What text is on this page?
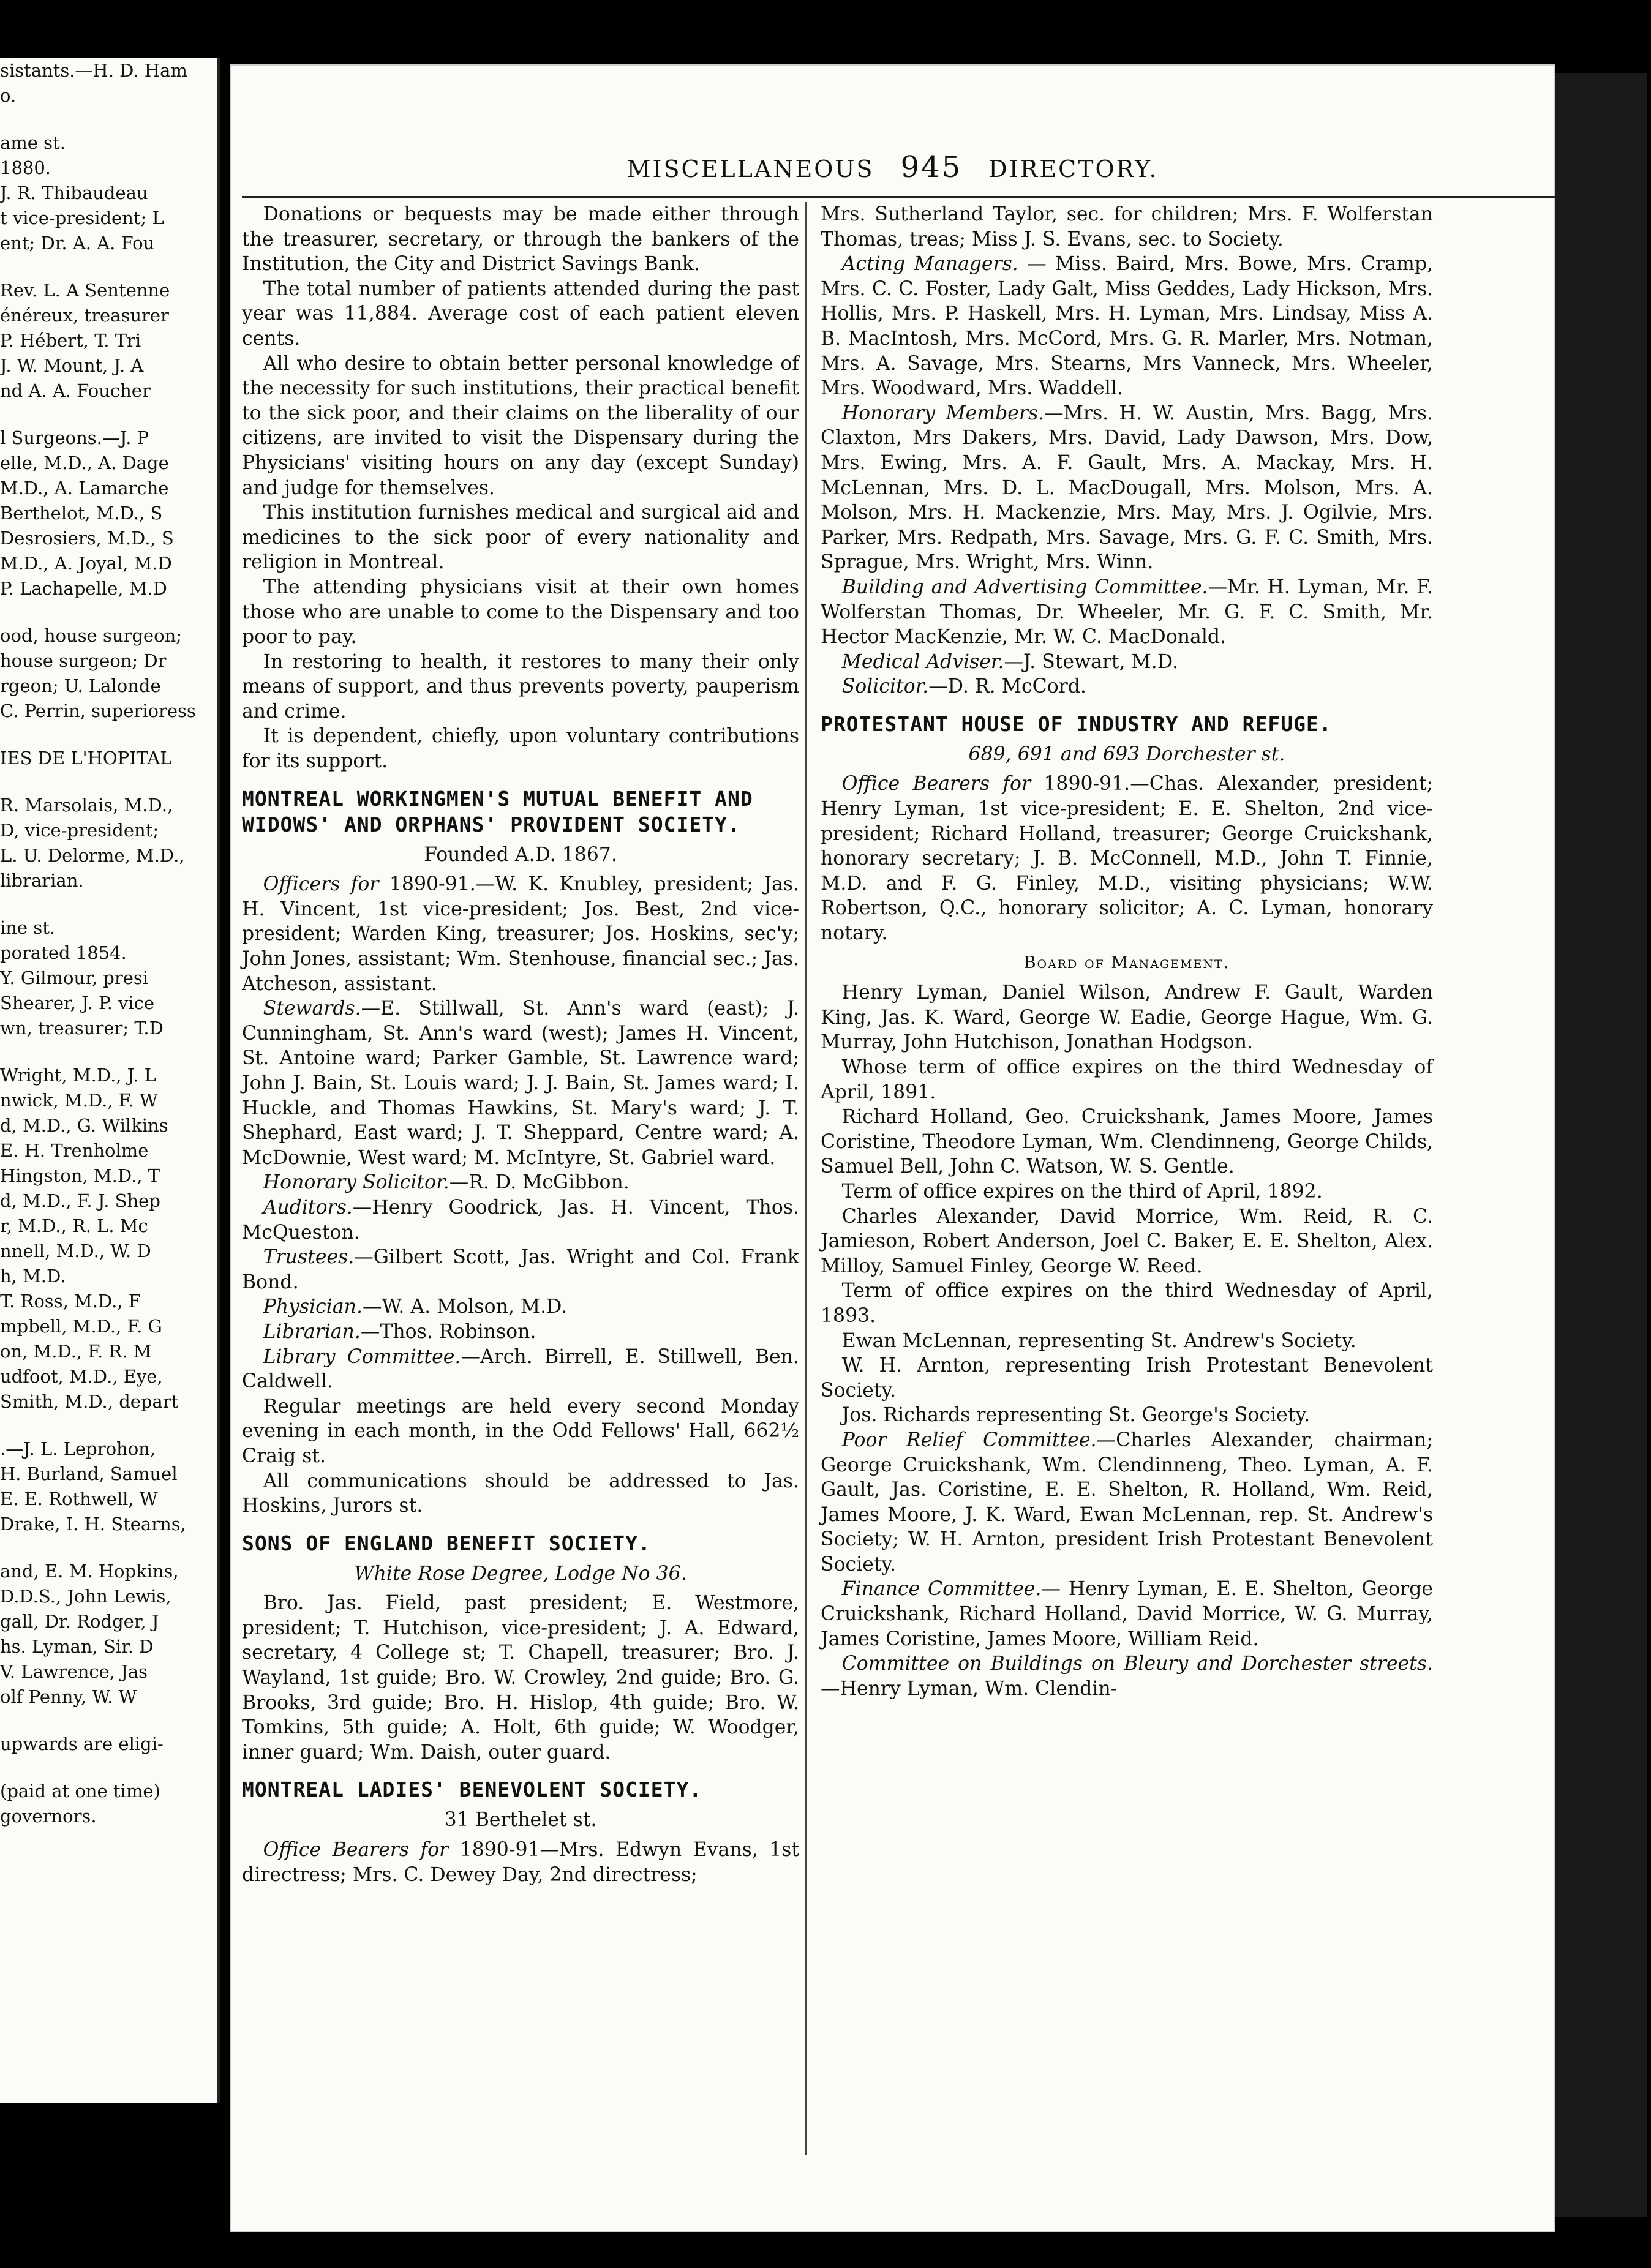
sistants.—H. D. Ham
o.
ame st.
1880.
J. R. Thibaudeau
t vice-president; L
ent; Dr. A. A. Fou
Rev. L. A Sentenne
énéreux, treasurer
P. Hébert, T. Tri
J. W. Mount, J. A
nd A. A. Foucher
l Surgeons.—J. P
elle, M.D., A. Dage
M.D., A. Lamarche
Berthelot, M.D., S
Desrosiers, M.D., S
M.D., A. Joyal, M.D
P. Lachapelle, M.D
ood, house surgeon;
house surgeon; Dr
rgeon; U. Lalonde
C. Perrin, superioress
IES DE L'HOPITAL
R. Marsolais, M.D.,
D, vice-president;
L. U. Delorme, M.D.,
librarian.
ine st.
porated 1854.
Y. Gilmour, presi
Shearer, J. P. vice
wn, treasurer; T.D
Wright, M.D., J. L
nwick, M.D., F. W
d, M.D., G. Wilkins
E. H. Trenholme
Hingston, M.D., T
d, M.D., F. J. Shep
r, M.D., R. L. Mc
nnell, M.D., W. D
h, M.D.
T. Ross, M.D., F
mpbell, M.D., F. G
on, M.D., F. R. M
udfoot, M.D., Eye,
Smith, M.D., depart
.—J. L. Leprohon,
H. Burland, Samuel
E. E. Rothwell, W
Drake, I. H. Stearns,
and, E. M. Hopkins,
D.D.S., John Lewis,
gall, Dr. Rodger, J
hs. Lyman, Sir. D
V. Lawrence, Jas
olf Penny, W. W
upwards are eligi-
(paid at one time)
governors.
MISCELLANEOUS 945 DIRECTORY.

Donations or bequests may be made either through the treasurer, secretary, or through the bankers of the Institution, the City and District Savings Bank.

The total number of patients attended during the past year was 11,884. Average cost of each patient eleven cents.

All who desire to obtain better personal knowledge of the necessity for such institutions, their practical benefit to the sick poor, and their claims on the liberality of our citizens, are invited to visit the Dispensary during the Physicians' visiting hours on any day (except Sunday) and judge for themselves.

This institution furnishes medical and surgical aid and medicines to the sick poor of every nationality and religion in Montreal.

The attending physicians visit at their own homes those who are unable to come to the Dispensary and too poor to pay.

In restoring to health, it restores to many their only means of support, and thus prevents poverty, pauperism and crime.

It is dependent, chiefly, upon voluntary contributions for its support.

MONTREAL WORKINGMEN'S MUTUAL BENEFIT AND WIDOWS' AND ORPHANS' PROVIDENT SOCIETY.
Founded A.D. 1867.

Officers for 1890-91.—W. K. Knubley, president; Jas. H. Vincent, 1st vice-president; Jos. Best, 2nd vice-president; Warden King, treasurer; Jos. Hoskins, sec'y; John Jones, assistant; Wm. Stenhouse, financial sec.; Jas. Atcheson, assistant.

Stewards.—E. Stillwall, St. Ann's ward (east); J. Cunningham, St. Ann's ward (west); James H. Vincent, St. Antoine ward; Parker Gamble, St. Lawrence ward; John J. Bain, St. Louis ward; J. J. Bain, St. James ward; I. Huckle, and Thomas Hawkins, St. Mary's ward; J. T. Shephard, East ward; J. T. Sheppard, Centre ward; A. McDownie, West ward; M. McIntyre, St. Gabriel ward.

Honorary Solicitor.—R. D. McGibbon.

Auditors.—Henry Goodrick, Jas. H. Vincent, Thos. McQueston.

Trustees.—Gilbert Scott, Jas. Wright and Col. Frank Bond.

Physician.—W. A. Molson, M.D.

Librarian.—Thos. Robinson.

Library Committee.—Arch. Birrell, E. Stillwell, Ben. Caldwell.

Regular meetings are held every second Monday evening in each month, in the Odd Fellows' Hall, 662½ Craig st.

All communications should be addressed to Jas. Hoskins, Jurors st.

SONS OF ENGLAND BENEFIT SOCIETY.
White Rose Degree, Lodge No 36.

Bro. Jas. Field, past president; E. Westmore, president; T. Hutchison, vice-president; J. A. Edward, secretary, 4 College st; T. Chapell, treasurer; Bro. J. Wayland, 1st guide; Bro. W. Crowley, 2nd guide; Bro. G. Brooks, 3rd guide; Bro. H. Hislop, 4th guide; Bro. W. Tomkins, 5th guide; A. Holt, 6th guide; W. Woodger, inner guard; Wm. Daish, outer guard.

MONTREAL LADIES' BENEVOLENT SOCIETY.
31 Berthelet st.

Office Bearers for 1890-91—Mrs. Edwyn Evans, 1st directress; Mrs. C. Dewey Day, 2nd directress;

Mrs. Sutherland Taylor, sec. for children; Mrs. F. Wolferstan Thomas, treas; Miss J. S. Evans, sec. to Society.

Acting Managers. — Miss. Baird, Mrs. Bowe, Mrs. Cramp, Mrs. C. C. Foster, Lady Galt, Miss Geddes, Lady Hickson, Mrs. Hollis, Mrs. P. Haskell, Mrs. H. Lyman, Mrs. Lindsay, Miss A. B. MacIntosh, Mrs. McCord, Mrs. G. R. Marler, Mrs. Notman, Mrs. A. Savage, Mrs. Stearns, Mrs Vanneck, Mrs. Wheeler, Mrs. Woodward, Mrs. Waddell.

Honorary Members.—Mrs. H. W. Austin, Mrs. Bagg, Mrs. Claxton, Mrs Dakers, Mrs. David, Lady Dawson, Mrs. Dow, Mrs. Ewing, Mrs. A. F. Gault, Mrs. A. Mackay, Mrs. H. McLennan, Mrs. D. L. MacDougall, Mrs. Molson, Mrs. A. Molson, Mrs. H. Mackenzie, Mrs. May, Mrs. J. Ogilvie, Mrs. Parker, Mrs. Redpath, Mrs. Savage, Mrs. G. F. C. Smith, Mrs. Sprague, Mrs. Wright, Mrs. Winn.

Building and Advertising Committee.—Mr. H. Lyman, Mr. F. Wolferstan Thomas, Dr. Wheeler, Mr. G. F. C. Smith, Mr. Hector MacKenzie, Mr. W. C. MacDonald.

Medical Adviser.—J. Stewart, M.D.

Solicitor.—D. R. McCord.

PROTESTANT HOUSE OF INDUSTRY AND REFUGE.
689, 691 and 693 Dorchester st.

Office Bearers for 1890-91.—Chas. Alexander, president; Henry Lyman, 1st vice-president; E. E. Shelton, 2nd vice-president; Richard Holland, treasurer; George Cruickshank, honorary secretary; J. B. McConnell, M.D., John T. Finnie, M.D. and F. G. Finley, M.D., visiting physicians; W.W. Robertson, Q.C., honorary solicitor; A. C. Lyman, honorary notary.

Board of Management.

Henry Lyman, Daniel Wilson, Andrew F. Gault, Warden King, Jas. K. Ward, George W. Eadie, George Hague, Wm. G. Murray, John Hutchison, Jonathan Hodgson.

Whose term of office expires on the third Wednesday of April, 1891.

Richard Holland, Geo. Cruickshank, James Moore, James Coristine, Theodore Lyman, Wm. Clendinneng, George Childs, Samuel Bell, John C. Watson, W. S. Gentle.

Term of office expires on the third of April, 1892.

Charles Alexander, David Morrice, Wm. Reid, R. C. Jamieson, Robert Anderson, Joel C. Baker, E. E. Shelton, Alex. Milloy, Samuel Finley, George W. Reed.

Term of office expires on the third Wednesday of April, 1893.

Ewan McLennan, representing St. Andrew's Society.

W. H. Arnton, representing Irish Protestant Benevolent Society.

Jos. Richards representing St. George's Society.

Poor Relief Committee.—Charles Alexander, chairman; George Cruickshank, Wm. Clendinneng, Theo. Lyman, A. F. Gault, Jas. Coristine, E. E. Shelton, R. Holland, Wm. Reid, James Moore, J. K. Ward, Ewan McLennan, rep. St. Andrew's Society; W. H. Arnton, president Irish Protestant Benevolent Society.

Finance Committee.— Henry Lyman, E. E. Shelton, George Cruickshank, Richard Holland, David Morrice, W. G. Murray, James Coristine, James Moore, William Reid.

Committee on Buildings on Bleury and Dorchester streets.—Henry Lyman, Wm. Clendin-
